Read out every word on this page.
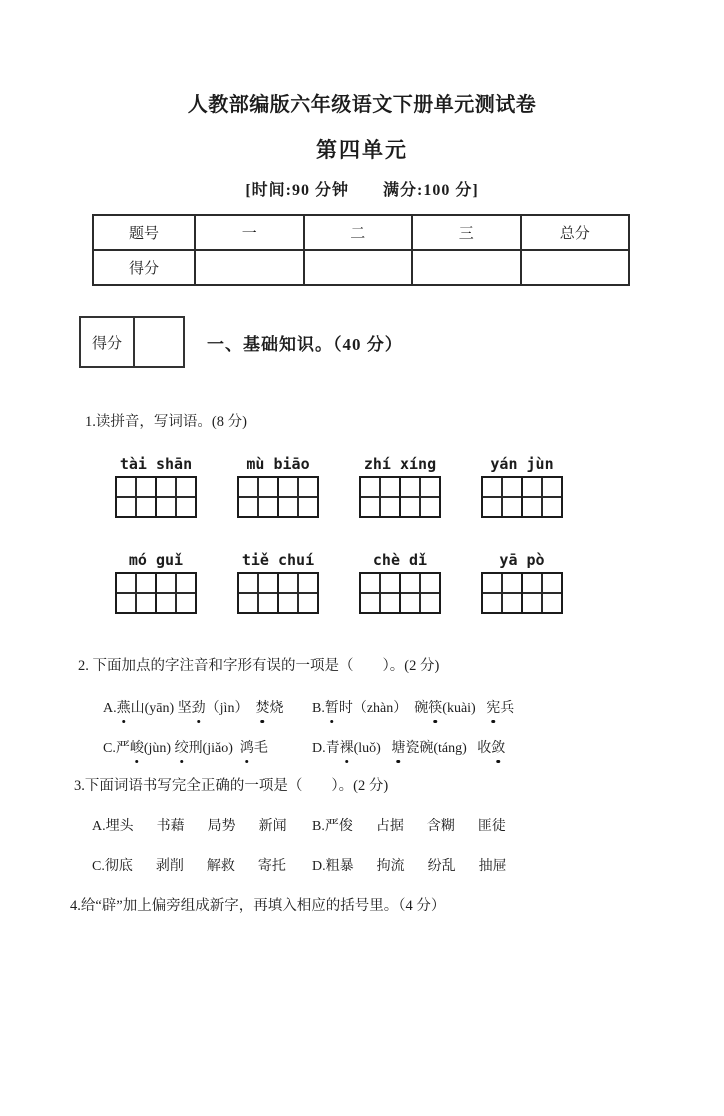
人教部编版六年级语文下册单元测试卷
第四单元
[时间:90 分钟　　满分:100 分]
题号	一	二	三	总分
得分				
得分	一、基础知识。（40 分）

1.读拼音，写词语。(8 分)

tài shān	mù biāo	zhí xíng	yán jùn
mó guǐ	tiě chuí	chè dǐ	yā pò

2. 下面加点的字注音和字形有误的一项是（　　）。(2 分)

A.燕山(yān) 坚劲（jìn）  焚烧	B.暂时（zhàn）  碗筷(kuài)   宪兵
C.严峻(jùn) 绞刑(jiǎo)  鸿毛	D.青裸(luǒ)   塘瓷碗(táng)   收敛

3.下面词语书写完全正确的一项是（　　）。(2 分)

A.埋头 书藉 局势 新闻	B.严俊 占据 含糊 匪徒
C.彻底 剥削 解救 寄托	D.粗暴 拘流 纷乱 抽屉

4.给“辟”加上偏旁组成新字，再填入相应的括号里。（4 分）
